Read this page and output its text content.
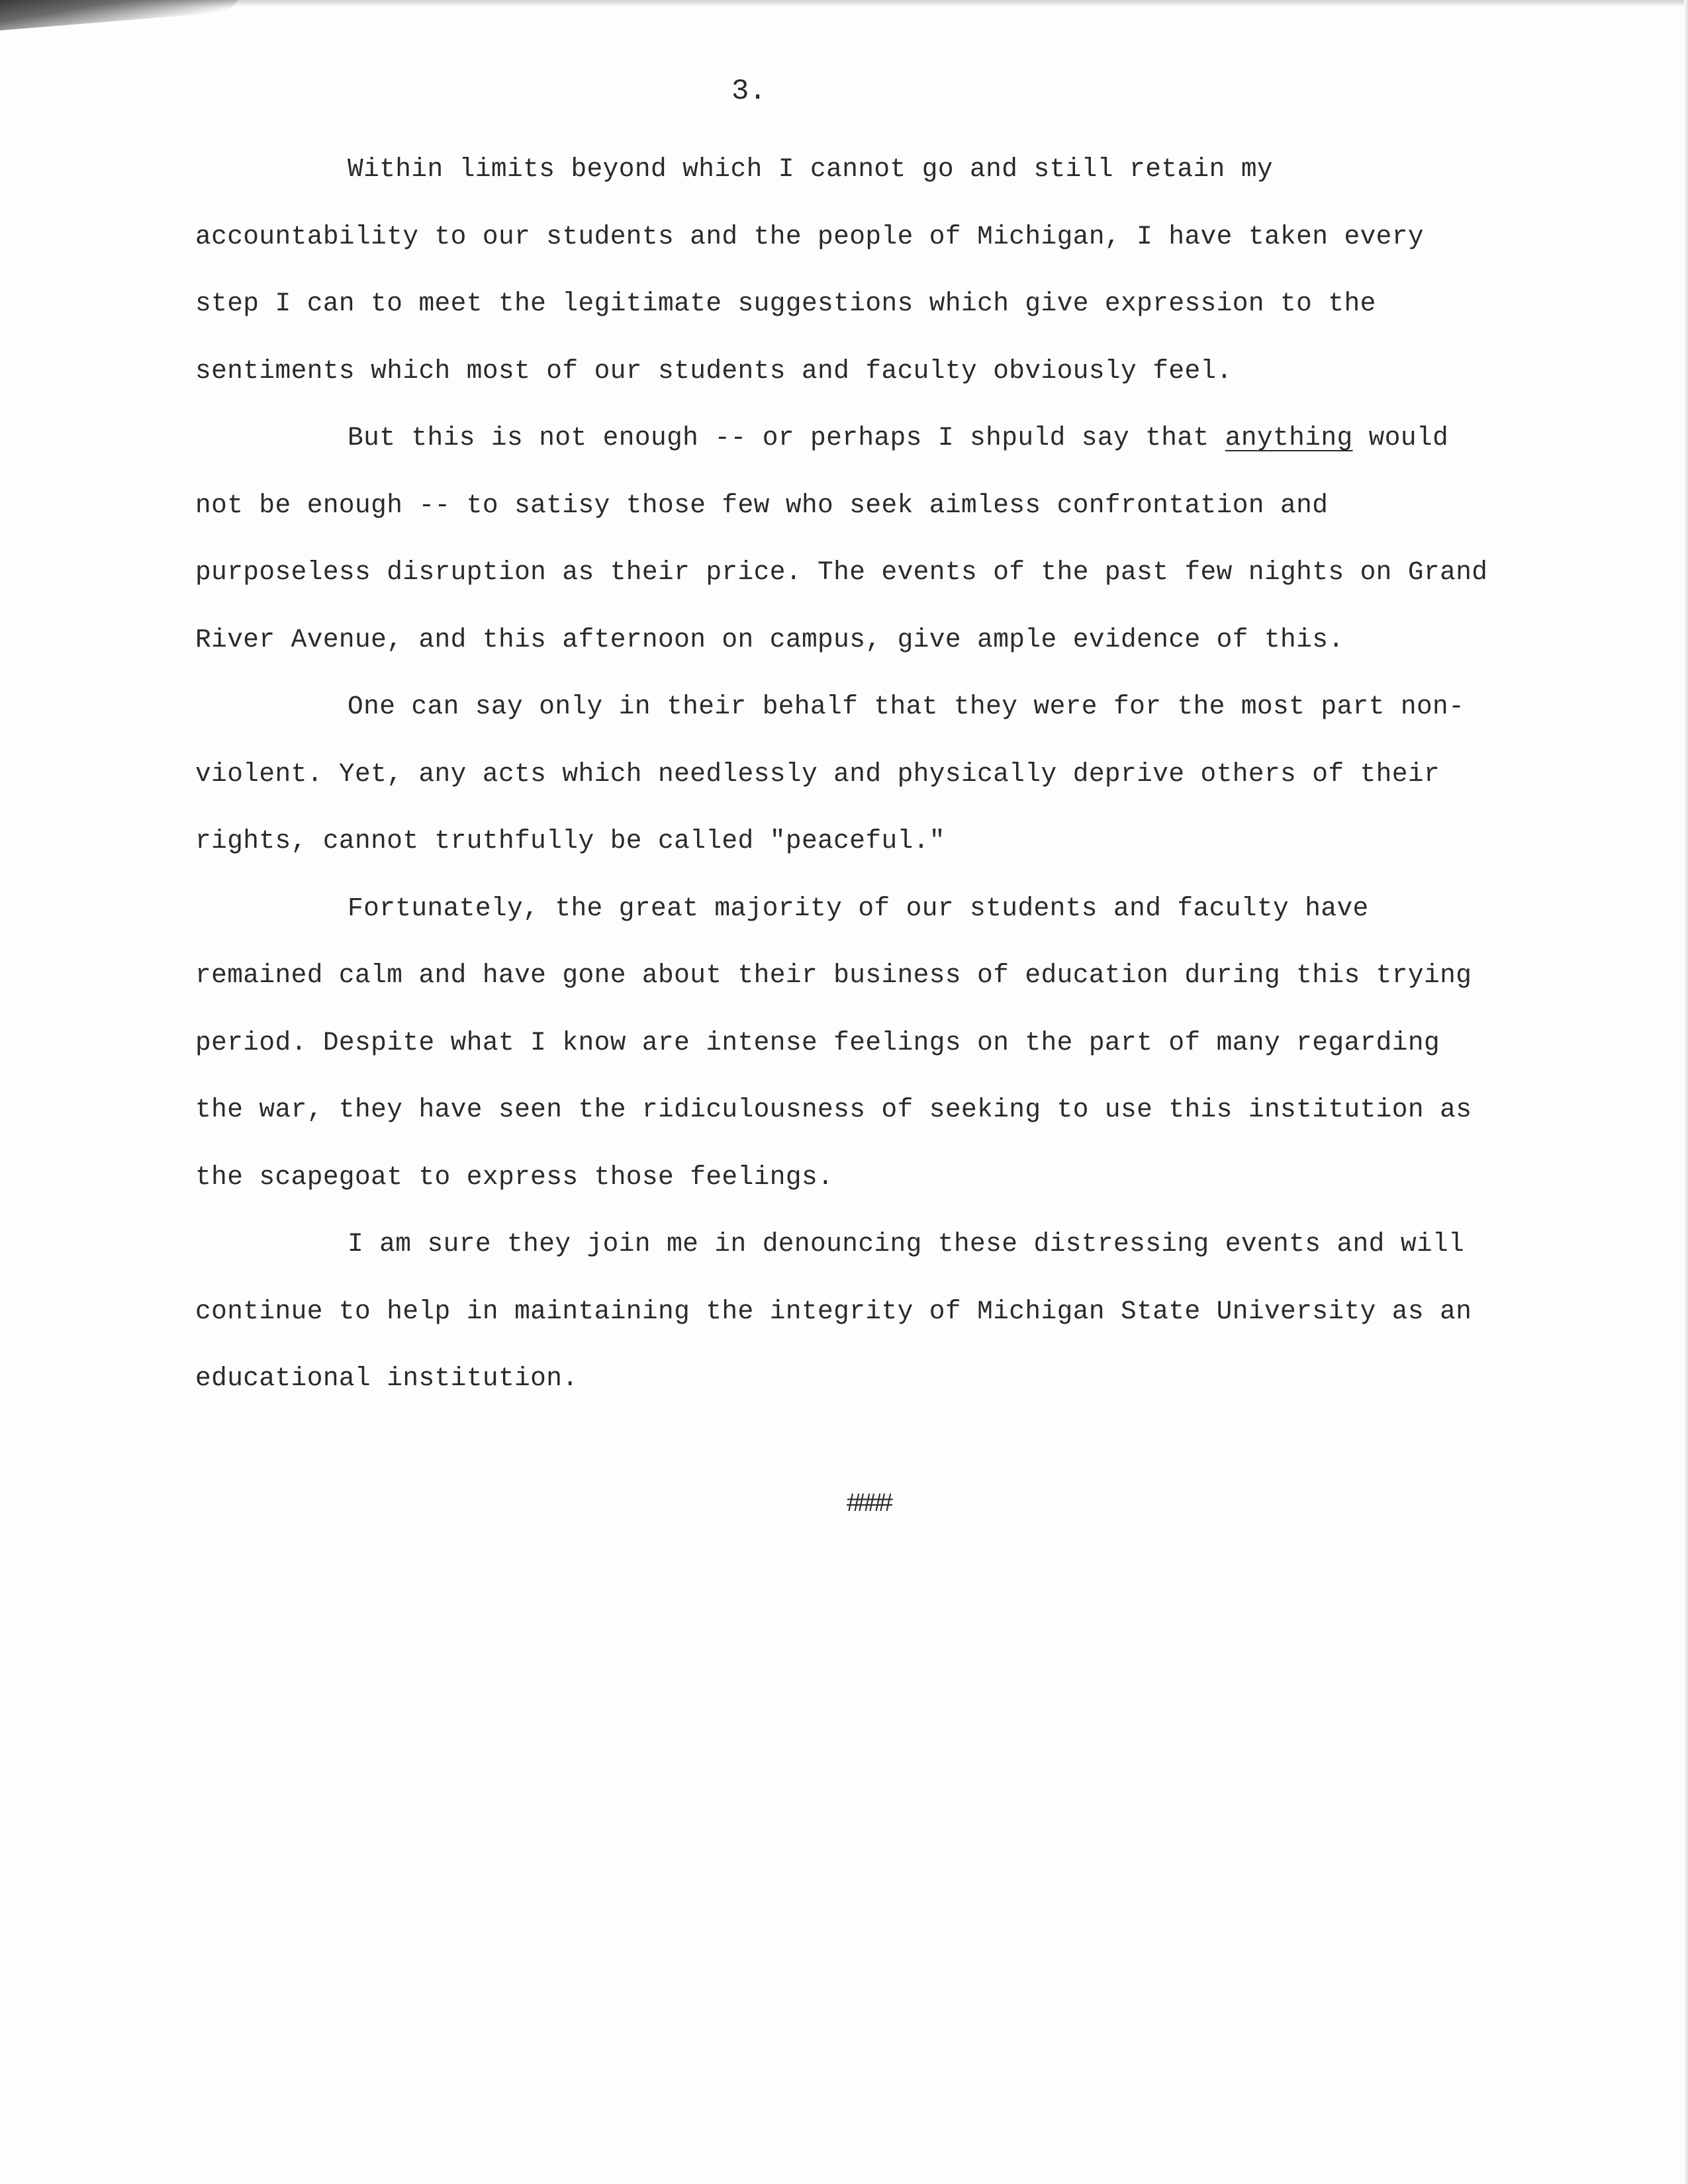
3.

Within limits beyond which I cannot go and still retain my accountability to our students and the people of Michigan, I have taken every step I can to meet the legitimate suggestions which give expression to the sentiments which most of our students and faculty obviously feel.

But this is not enough -- or perhaps I shpuld say that anything would not be enough -- to satisy those few who seek aimless confrontation and purposeless disruption as their price. The events of the past few nights on Grand River Avenue, and this afternoon on campus, give ample evidence of this.

One can say only in their behalf that they were for the most part non-violent. Yet, any acts which needlessly and physically deprive others of their rights, cannot truthfully be called "peaceful."

Fortunately, the great majority of our students and faculty have remained calm and have gone about their business of education during this trying period. Despite what I know are intense feelings on the part of many regarding the war, they have seen the ridiculousness of seeking to use this institution as the scapegoat to express those feelings.

I am sure they join me in denouncing these distressing events and will continue to help in maintaining the integrity of Michigan State University as an educational institution.

####
